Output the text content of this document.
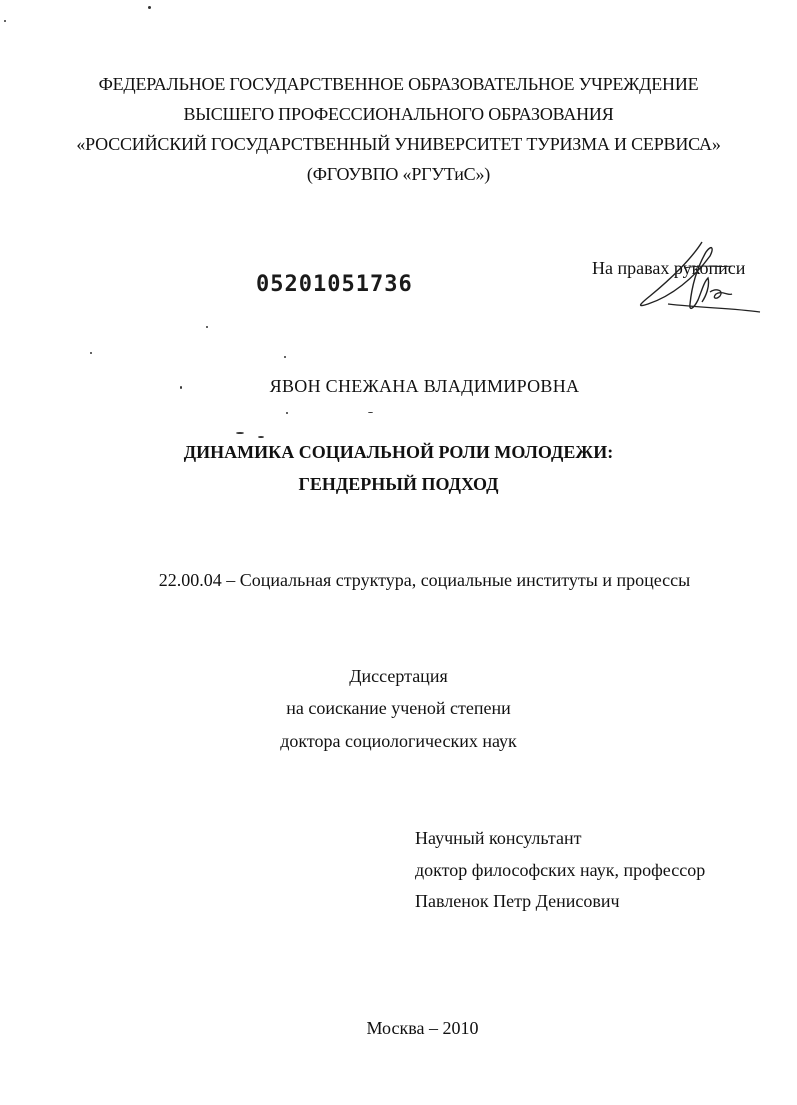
ФЕДЕРАЛЬНОЕ ГОСУДАРСТВЕННОЕ ОБРАЗОВАТЕЛЬНОЕ УЧРЕЖДЕНИЕ
ВЫСШЕГО ПРОФЕССИОНАЛЬНОГО ОБРАЗОВАНИЯ
«РОССИЙСКИЙ ГОСУДАРСТВЕННЫЙ УНИВЕРСИТЕТ ТУРИЗМА И СЕРВИСА»
(ФГОУВПО «РГУТиС»)
05201051736
На правах рукописи
ЯВОН СНЕЖАНА ВЛАДИМИРОВНА
ДИНАМИКА СОЦИАЛЬНОЙ РОЛИ МОЛОДЕЖИ:
ГЕНДЕРНЫЙ ПОДХОД
22.00.04 – Социальная структура, социальные институты и процессы
Диссертация
на соискание ученой степени
доктора социологических наук
Научный консультант
доктор философских наук, профессор
Павленок Петр Денисович
Москва – 2010
